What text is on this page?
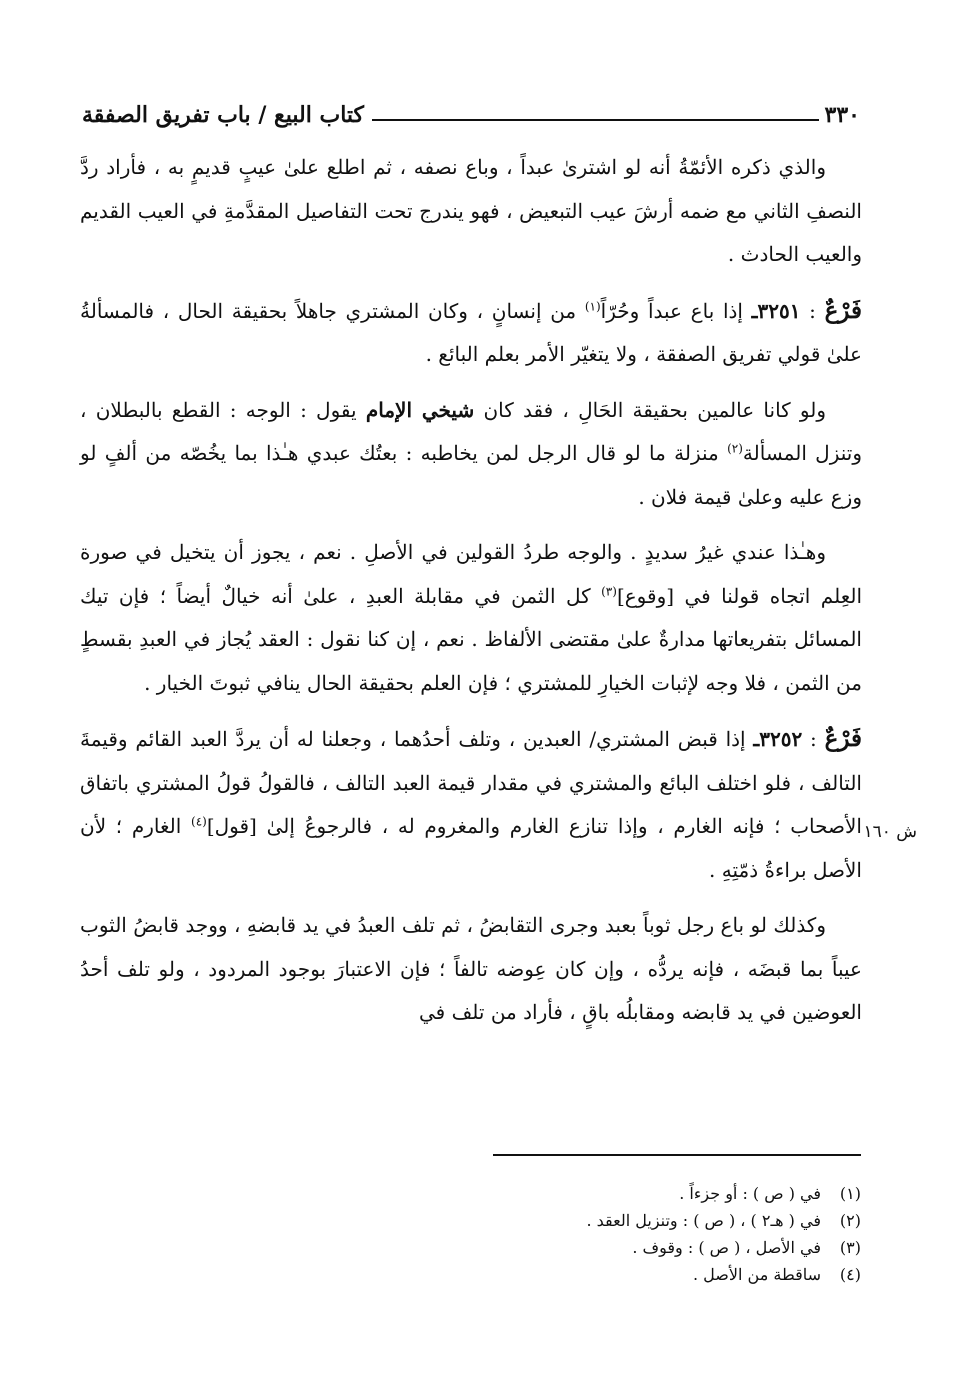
٣٣٠
كتاب البيع / باب تفريق الصفقة

والذي ذكره الأئمّةُ أنه لو اشترىٰ عبداً ، وباع نصفه ، ثم اطلع علىٰ عيبٍ قديمٍ به ، فأراد ردَّ النصفِ الثاني مع ضمه أرشَ عيب التبعيض ، فهو يندرج تحت التفاصيل المقدَّمةِ في العيب القديم والعيب الحادث .

فَرْعٌ : ٣٢٥١ـ إذا باع عبداً وحُرّاً$^{(١)}$ من إنسانٍ ، وكان المشتري جاهلاً بحقيقة الحال ، فالمسألةُ علىٰ قولي تفريق الصفقة ، ولا يتغيّر الأمر بعلم البائع .

ولو كانا عالمين بحقيقة الحَالِ ، فقد كان شيخي الإمام يقول : الوجه : القطع بالبطلان ، وتنزل المسألة$^{(٢)}$ منزلة ما لو قال الرجل لمن يخاطبه : بعتُك عبدي هـٰذا بما يخُصّه من ألفٍ لو وزع عليه وعلىٰ قيمة فلان .

وهـٰذا عندي غيرُ سديدٍ . والوجه طردُ القولين في الأصلِ . نعم ، يجوز أن يتخيل في صورة العِلم اتجاه قولنا في [وقوع]$^{(٣)}$ كل الثمن في مقابلة العبدِ ، علىٰ أنه خيالٌ أيضاً ؛ فإن تيك المسائل بتفريعاتها مدارةٌ علىٰ مقتضى الألفاظ . نعم ، إن كنا نقول : العقد يُجاز في العبدِ بقسطٍ من الثمن ، فلا وجه لإثبات الخيارِ للمشتري ؛ فإن العلم بحقيقة الحال ينافي ثبوتَ الخيار .

فَرْعٌ : ٣٢٥٢ـ إذا قبض المشتري/ العبدين ، وتلف أحدُهما ، وجعلنا له أن يردَّ العبد القائم وقيمةَ التالف ، فلو اختلف البائع والمشتري في مقدار قيمة العبد التالف ، فالقولُ قولُ المشتري باتفاق الأصحاب ؛ فإنه الغارم ، وإذا تنازع الغارم والمغروم له ، فالرجوعُ إلىٰ [قول]$^{(٤)}$ الغارم ؛ لأن الأصل براءةُ ذمّتِهِ .

وكذلك لو باع رجل ثوباً بعبد وجرى التقابضُ ، ثم تلف العبدُ في يد قابضهِ ، ووجد قابضُ الثوب عيباً بما قبضَه ، فإنه يردُّه ، وإن كان عِوضه تالفاً ؛ فإن الاعتبارَ بوجود المردود ، ولو تلف أحدُ العوضين في يد قابضه ومقابلُه باقٍ ، فأراد من تلف في

ش ١٦٠
(١)
في ( ص ) : أو جزءاً .
(٢)
في ( هـ٢ ) ، ( ص ) : وتنزيل العقد .
(٣)
في الأصل ، ( ص ) : وقوف .
(٤)
ساقطة من الأصل .
